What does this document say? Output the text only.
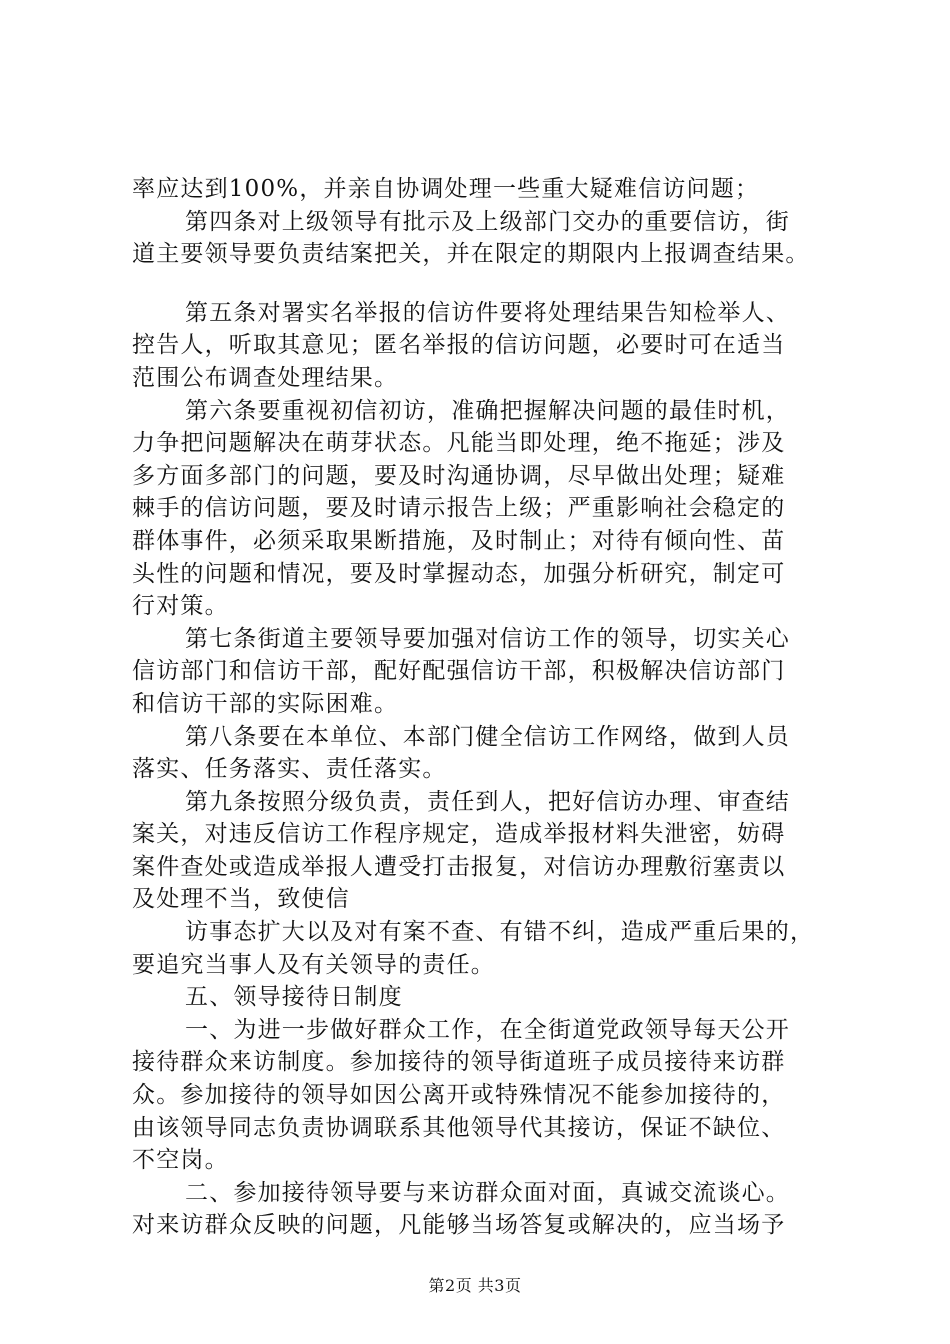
率应达到100%，并亲自协调处理一些重大疑难信访问题；
第四条对上级领导有批示及上级部门交办的重要信访，街
道主要领导要负责结案把关，并在限定的期限内上报调查结果。
第五条对署实名举报的信访件要将处理结果告知检举人、
控告人，听取其意见；匿名举报的信访问题，必要时可在适当
范围公布调查处理结果。
第六条要重视初信初访，准确把握解决问题的最佳时机，
力争把问题解决在萌芽状态。凡能当即处理，绝不拖延；涉及
多方面多部门的问题，要及时沟通协调，尽早做出处理；疑难
棘手的信访问题，要及时请示报告上级；严重影响社会稳定的
群体事件，必须采取果断措施，及时制止；对待有倾向性、苗
头性的问题和情况，要及时掌握动态，加强分析研究，制定可
行对策。
第七条街道主要领导要加强对信访工作的领导，切实关心
信访部门和信访干部，配好配强信访干部，积极解决信访部门
和信访干部的实际困难。
第八条要在本单位、本部门健全信访工作网络，做到人员
落实、任务落实、责任落实。
第九条按照分级负责，责任到人，把好信访办理、审查结
案关，对违反信访工作程序规定，造成举报材料失泄密，妨碍
案件查处或造成举报人遭受打击报复，对信访办理敷衍塞责以
及处理不当，致使信
访事态扩大以及对有案不查、有错不纠，造成严重后果的，
要追究当事人及有关领导的责任。
五、领导接待日制度
一、为进一步做好群众工作，在全街道党政领导每天公开
接待群众来访制度。参加接待的领导街道班子成员接待来访群
众。参加接待的领导如因公离开或特殊情况不能参加接待的，
由该领导同志负责协调联系其他领导代其接访，保证不缺位、
不空岗。
二、参加接待领导要与来访群众面对面，真诚交流谈心。
对来访群众反映的问题，凡能够当场答复或解决的，应当场予
第2页 共3页
